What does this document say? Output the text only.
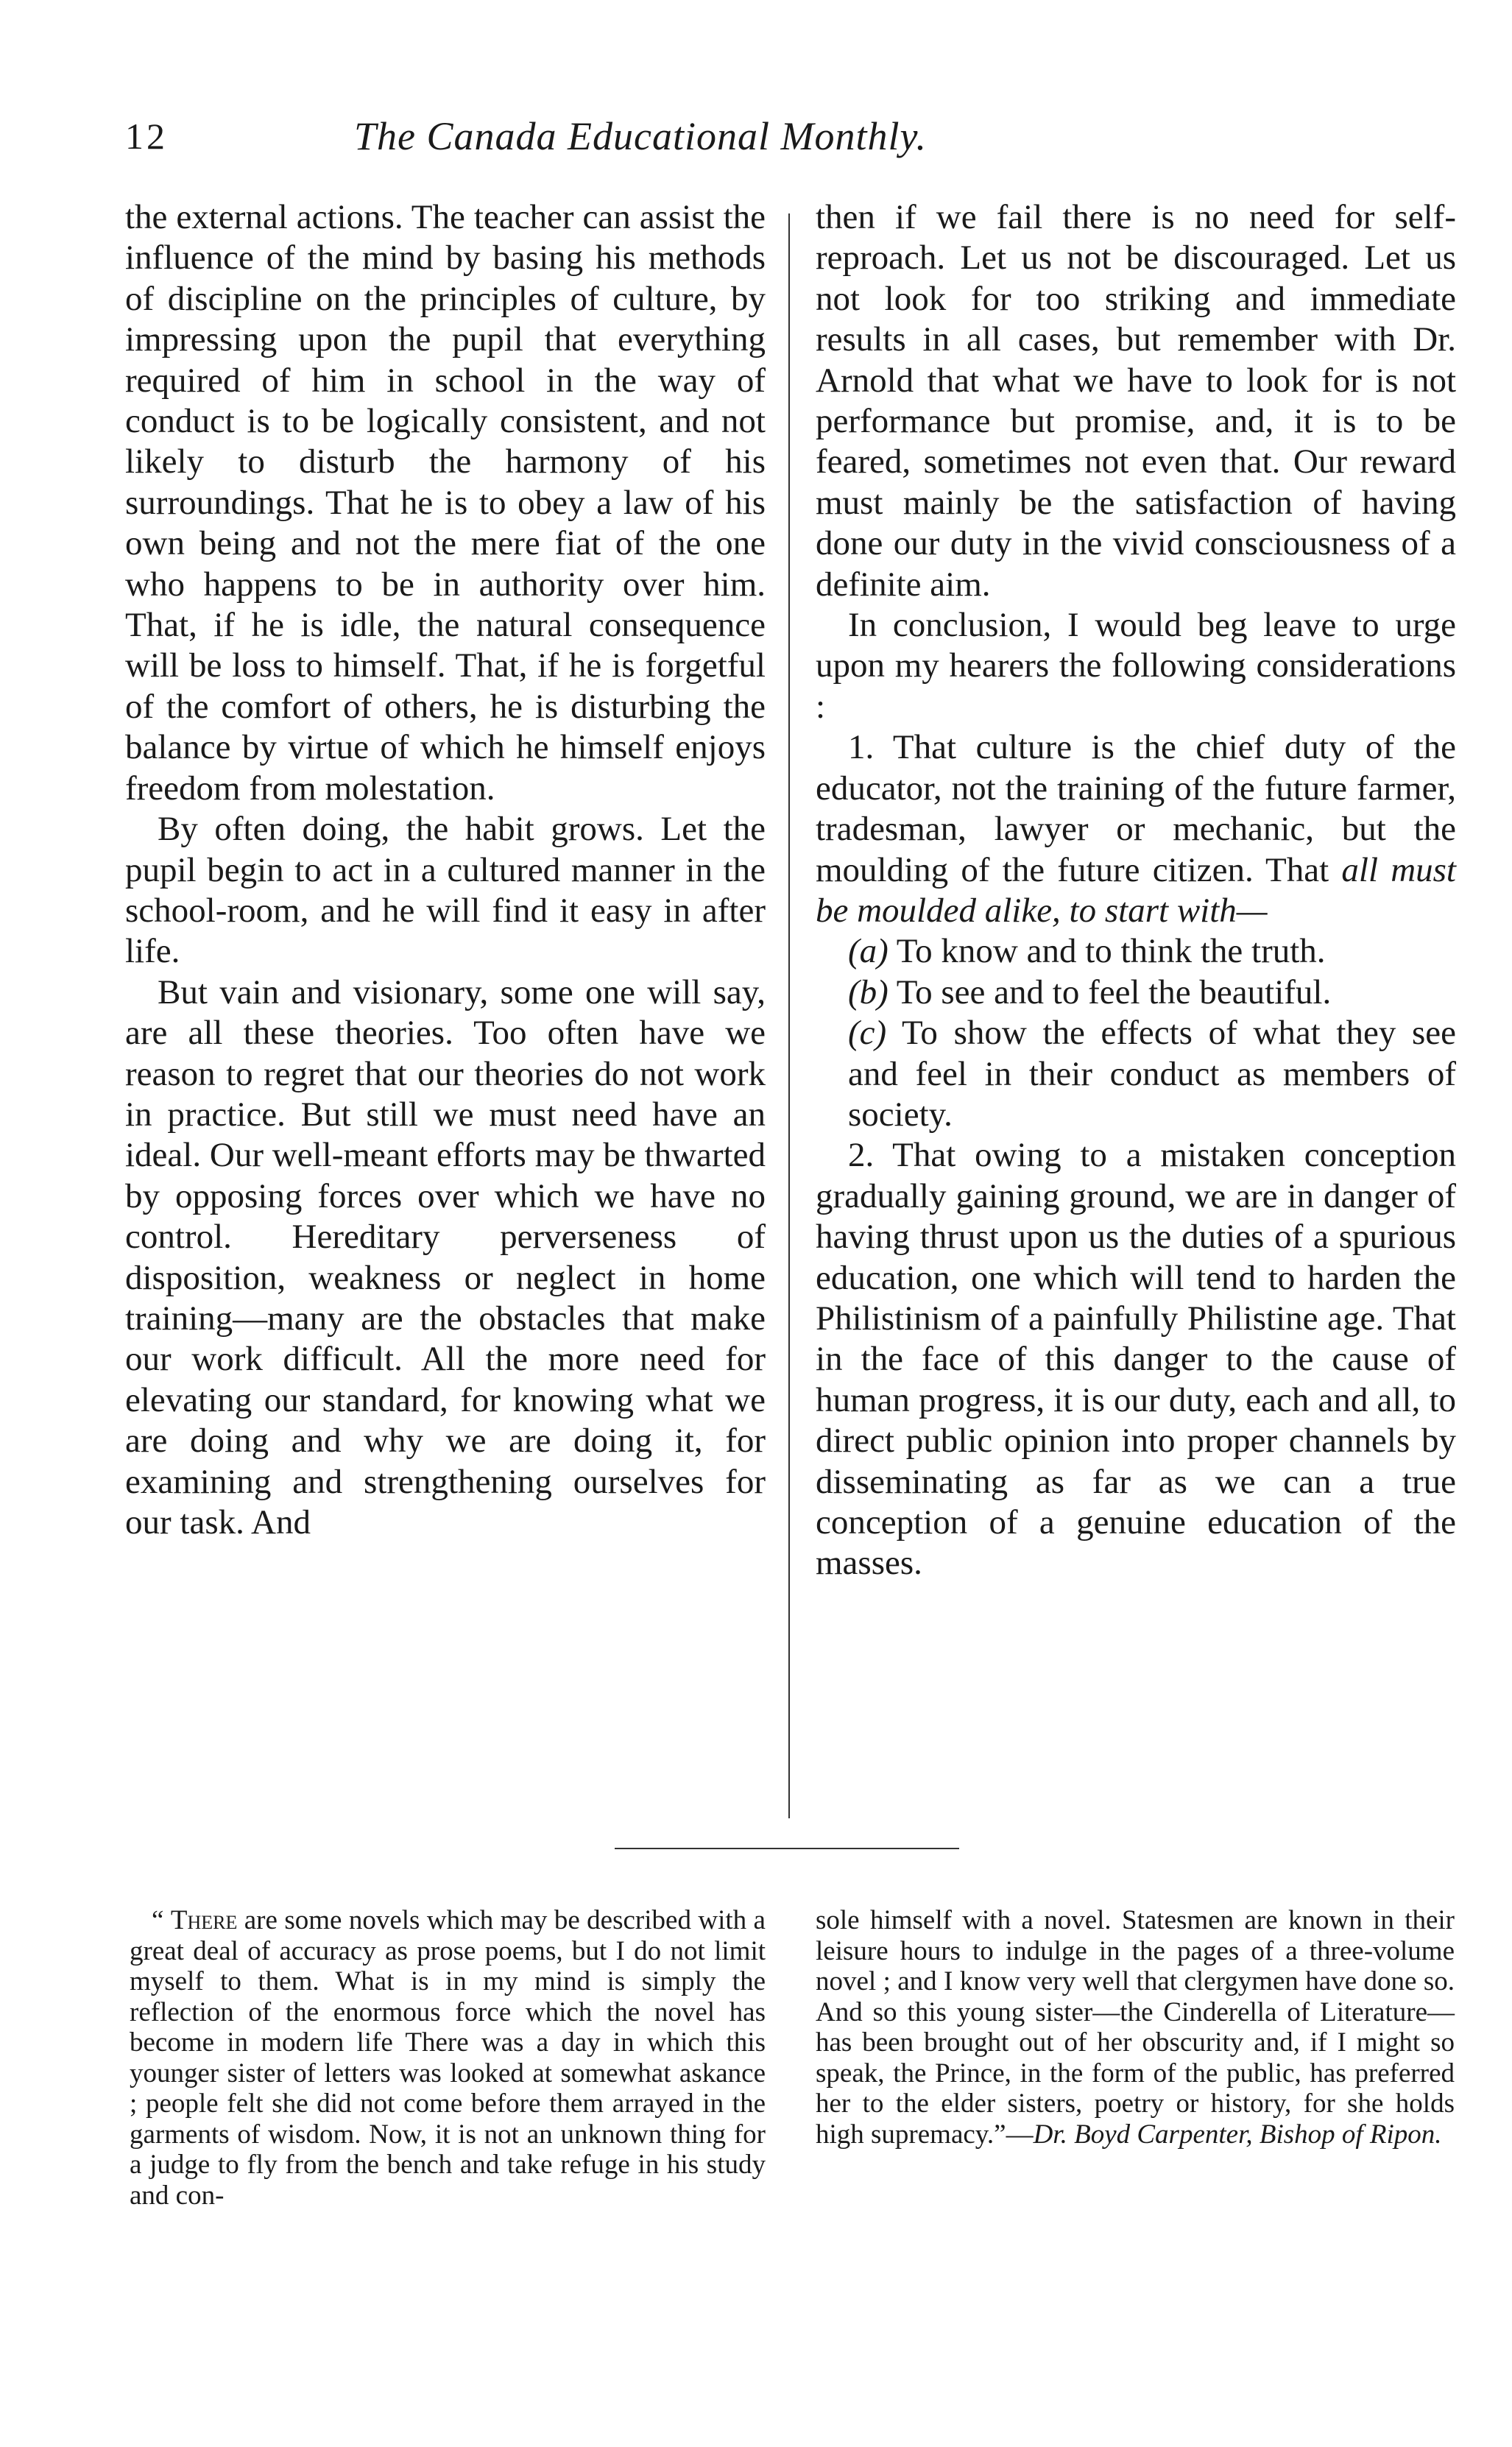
12	The Canada Educational Monthly.

the external actions. The teacher can assist the influence of the mind by basing his methods of discipline on the principles of culture, by impressing upon the pupil that everything required of him in school in the way of conduct is to be logically consistent, and not likely to disturb the harmony of his surroundings. That he is to obey a law of his own being and not the mere fiat of the one who happens to be in authority over him. That, if he is idle, the natural consequence will be loss to himself. That, if he is forgetful of the comfort of others, he is disturbing the balance by virtue of which he himself enjoys freedom from molestation.

By often doing, the habit grows. Let the pupil begin to act in a cultured manner in the school-room, and he will find it easy in after life.

But vain and visionary, some one will say, are all these theories. Too often have we reason to regret that our theories do not work in practice. But still we must need have an ideal. Our well-meant efforts may be thwarted by opposing forces over which we have no control. Hereditary perverseness of disposition, weakness or neglect in home training—many are the obstacles that make our work difficult. All the more need for elevating our standard, for knowing what we are doing and why we are doing it, for examining and strengthening ourselves for our task. And

then if we fail there is no need for self-reproach. Let us not be discouraged. Let us not look for too striking and immediate results in all cases, but remember with Dr. Arnold that what we have to look for is not performance but promise, and, it is to be feared, sometimes not even that. Our reward must mainly be the satisfaction of having done our duty in the vivid consciousness of a definite aim.

In conclusion, I would beg leave to urge upon my hearers the following considerations :

1. That culture is the chief duty of the educator, not the training of the future farmer, tradesman, lawyer or mechanic, but the moulding of the future citizen. That all must be moulded alike, to start with—

(a) To know and to think the truth.

(b) To see and to feel the beautiful.

(c) To show the effects of what they see and feel in their conduct as members of society.

2. That owing to a mistaken conception gradually gaining ground, we are in danger of having thrust upon us the duties of a spurious education, one which will tend to harden the Philistinism of a painfully Philistine age. That in the face of this danger to the cause of human progress, it is our duty, each and all, to direct public opinion into proper channels by disseminating as far as we can a true conception of a genuine education of the masses.

“ There are some novels which may be described with a great deal of accuracy as prose poems, but I do not limit myself to them. What is in my mind is simply the reflection of the enormous force which the novel has become in modern life There was a day in which this younger sister of letters was looked at somewhat askance ; people felt she did not come before them arrayed in the garments of wisdom. Now, it is not an unknown thing for a judge to fly from the bench and take refuge in his study and con-

sole himself with a novel. Statesmen are known in their leisure hours to indulge in the pages of a three-volume novel ; and I know very well that clergymen have done so. And so this young sister—the Cinderella of Literature—has been brought out of her obscurity and, if I might so speak, the Prince, in the form of the public, has preferred her to the elder sisters, poetry or history, for she holds high supremacy.”—Dr. Boyd Carpenter, Bishop of Ripon.
